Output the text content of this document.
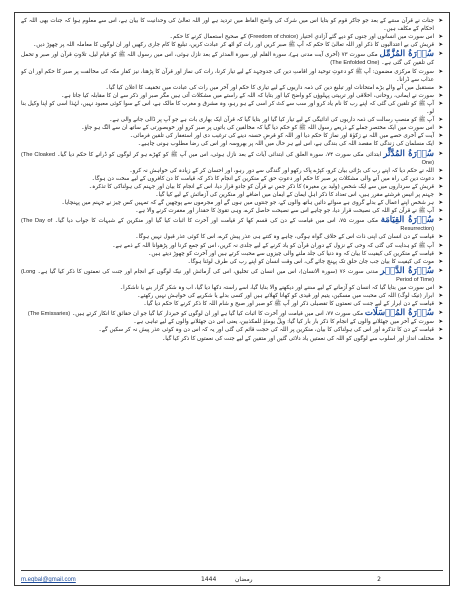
➤ جنات نے قرآن سننے کے بعد جو جاکر قوم کو بتایا اس میں شرک کی واضح الفاظ میں تردید ہے اور اللہ تعالیٰ کی وحدانیت کا بیان ہے، اس سے معلوم ہوا کہ جنات بھی اللہ کے احکام کے مکلف ہیں۔

➤ اس سورت میں انسانوں اور جنوں کو دیے گئے آزادیِ اختیار (Freedom of choice) کے صحیح استعمال کرنے کا حکم۔

➤ قریش کی بے اعتدالیوں کا ذکر اور اللہ تعالیٰ کا حکم کہ آپ ﷺ صبر کریں اور رات کو اٹھ کر عبادت کریں، تبلیغ کا کام جاری رکھیں اور ان لوگوں کا معاملہ اللہ پر چھوڑ دیں۔

➤ سُوۡرَةُ المُزَّمِّل مکی سورت ۷۳ (آخری آیت مدنی ہے)، سورة القلم اور سورة المدثر کے بعد نازل ہوئی، اس میں رسول اللہ ﷺ کو قیامِ لیل، تلاوتِ قرآن اور صبر و تحمل کی تلقین کی گئی ہے۔ (The Enfolded One)

➤ سورت کا مرکزی مضمون: آپ ﷺ کو دعوتِ توحید اور اقامتِ دین کی جدوجہد کے لیے تیار کرنا، رات کی نماز اور قرآن کا پڑھنا، نیز کفارِ مکہ کی مخالفت پر صبر کا حکم اور ان کو عذاب سے ڈرانا۔

➤ مستقبل میں آنے والے بڑے امتحانات اور تبلیغِ دین کی ذمہ داریوں کے لیے تیاری کا حکم اور آخر میں رات کی عبادت میں تخفیف کا اعلان کیا گیا۔

➤ سورت نے ایمانی، روحانی، اخلاقی اور تربیتی پہلوؤں کو واضح کیا اور بتایا کہ اللہ کے راستے میں مشکلات آتی ہیں مگر صبر اور ذکر سے ان کا مقابلہ کیا جاتا ہے۔

➤ آپ ﷺ کو تلقین کی گئی کہ اپنے رب کا نام یاد کرو اور سب سے کٹ کر اسی کے ہو رہو، وہ مشرق و مغرب کا مالک ہے، اس کے سوا کوئی معبود نہیں، لہٰذا اسی کو اپنا وکیل بنا لو۔

➤ آپ ﷺ کو منصبِ رسالت کی ذمہ داریوں کی ادائیگی کے لیے تیار کیا گیا اور بتایا گیا کہ قرآن ایک بھاری بات ہے جو آپ پر ڈالی جانے والی ہے۔

➤ اس سورت میں ایک مختصر جملے کے ذریعے رسول اللہ ﷺ کو حکم دیا گیا کہ مخالفین کی باتوں پر صبر کرو اور خوبصورتی کے ساتھ ان سے الگ ہو جاؤ۔

➤ آیت کے آخری حصے میں اللہ نے زکوٰۃ اور نماز کا حکم دیا اور اللہ کو قرضِ حسنہ دینے کی ترغیب دی اور استغفار کی تلقین فرمائی۔

➤ ایک مسلمان کی زندگی کا مقصد اللہ کی بندگی ہے، اس لیے ہر حال میں اللہ پر بھروسہ اور اس کی رضا مطلوب ہونی چاہیے۔

➤ سُوۡرَةُ المُدَّثِّر ابتدائی مکی سورت ۷۴، سورة العلق کی ابتدائی آیات کے بعد نازل ہوئی، اس میں آپ ﷺ کو کھڑے ہو کر لوگوں کو ڈرانے کا حکم دیا گیا۔ (The Cloaked One)

➤ اللہ نے حکم دیا کہ اپنے رب کی بڑائی بیان کرو، کپڑے پاک رکھو اور گندگی سے دور رہو، اور احسان کر کے زیادہ کی خواہش نہ کرو۔

➤ دعوت دین کی راہ میں آنے والی مشکلات پر صبر کا حکم اور دعوتِ حق کے منکرین کے انجام کا ذکر کہ قیامت کا دن کافروں کے لیے سخت دن ہوگا۔

➤ قریش کے سرداروں میں سے ایک شخص (ولید بن مغیرہ) کا ذکر جس نے قرآن کو جادو قرار دیا، اس کے انجام کا بیان اور جہنم کی ہولناکی کا تذکرہ۔

➤ جہنم پر انیس فرشتے مقرر ہیں، اس تعداد کا ذکر اہلِ ایمان کے ایمان میں اضافے اور منکرین کی آزمائش کے لیے کیا گیا۔

➤ ہر شخص اپنے اعمال کے بدلے گروی ہے سوائے دائیں ہاتھ والوں کے، جو جنتوں میں ہوں گے اور مجرموں سے پوچھیں گے کہ تمہیں کس چیز نے جہنم میں پہنچایا۔

➤ آپ ﷺ نے قرآن کو اللہ کی نصیحت قرار دیا، جو چاہے اس سے نصیحت حاصل کرے، وہی تقویٰ کا حقدار اور مغفرت کرنے والا ہے۔

➤ سُوۡرَةُ القِيَامَة مکی سورت ۷۵، اس میں قیامت کے دن کی قسم کھا کر قیامت اور آخرت کا اثبات کیا گیا اور منکرین کے شبہات کا جواب دیا گیا۔ (The Day of Resurrection)

➤ قیامت کے دن انسان کی اپنی ذات اس کے خلاف گواہ ہوگی، چاہے وہ کتنے ہی عذر پیش کرے، اس کا کوئی عذر قبول نہیں ہوگا۔

➤ آپ ﷺ کو ہدایت کی گئی کہ وحی کے نزول کے دوران قرآن کو یاد کرنے کے لیے جلدی نہ کریں، اس کو جمع کرنا اور پڑھوانا اللہ کے ذمے ہے۔

➤ قیامت کے منکرین کی کیفیت کا بیان کہ وہ دنیا کی جلد ملنے والی چیزوں سے محبت کرتے ہیں اور آخرت کو چھوڑ دیتے ہیں۔

➤ موت کی کیفیت کا بیان جب جان حلق تک پہنچ جائے گی، اس وقت انسان کو اپنے رب کی طرف لوٹنا ہوگا۔

➤ سُوۡرَةُ الدَّهۡر مدنی سورت ۷۶ (سورة الانسان)، اس میں انسان کی تخلیق، اس کی آزمائش اور نیک لوگوں کے انجام اور جنت کی نعمتوں کا ذکر کیا گیا ہے۔ (Long Period of Time)

➤ اس سورت میں بتایا گیا کہ انسان کو آزمانے کے لیے سننے اور دیکھنے والا بنایا گیا، اسے راستہ دکھا دیا گیا، اب وہ شکر گزار بنے یا ناشکرا۔

➤ ابرار (نیک لوگ) اللہ کی محبت میں مسکین، یتیم اور قیدی کو کھانا کھلاتے ہیں اور کسی بدلے یا شکریے کی خواہش نہیں رکھتے۔

➤ قیامت کے دن ابرار کے لیے جنت کی نعمتوں کا تفصیلی ذکر اور آپ ﷺ کو صبر اور صبح و شام اللہ کا ذکر کرنے کا حکم دیا گیا۔

➤ سُوۡرَةُ المُرۡسَلَات مکی سورت ۷۷، اس میں قیامت اور آخرت کا اثبات کیا گیا ہے اور ان لوگوں کو خبردار کیا گیا جو ان حقائق کا انکار کرتے ہیں۔ (The Emissaries)

➤ سورت کے آخر میں جھٹلانے والوں کے انجام کا ذکر بار بار کیا گیا: ویلٌ یومئذٍ للمکذبین، یعنی اس دن جھٹلانے والوں کے لیے تباہی ہے۔

➤ قیامت کے دن کا تذکرہ اور اس کی ہولناکی کا بیان، منکرین پر اللہ کی حجت قائم کی گئی اور یہ کہ اس دن وہ کوئی عذر پیش نہ کر سکیں گے۔

➤ مختلف انداز اور اسلوب سے لوگوں کو اللہ کی نعمتیں یاد دلائی گئیں اور متقین کے لیے جنت کی نعمتوں کا ذکر کیا گیا۔

m.eqbal@gmail.com	1444	رمضان	2
